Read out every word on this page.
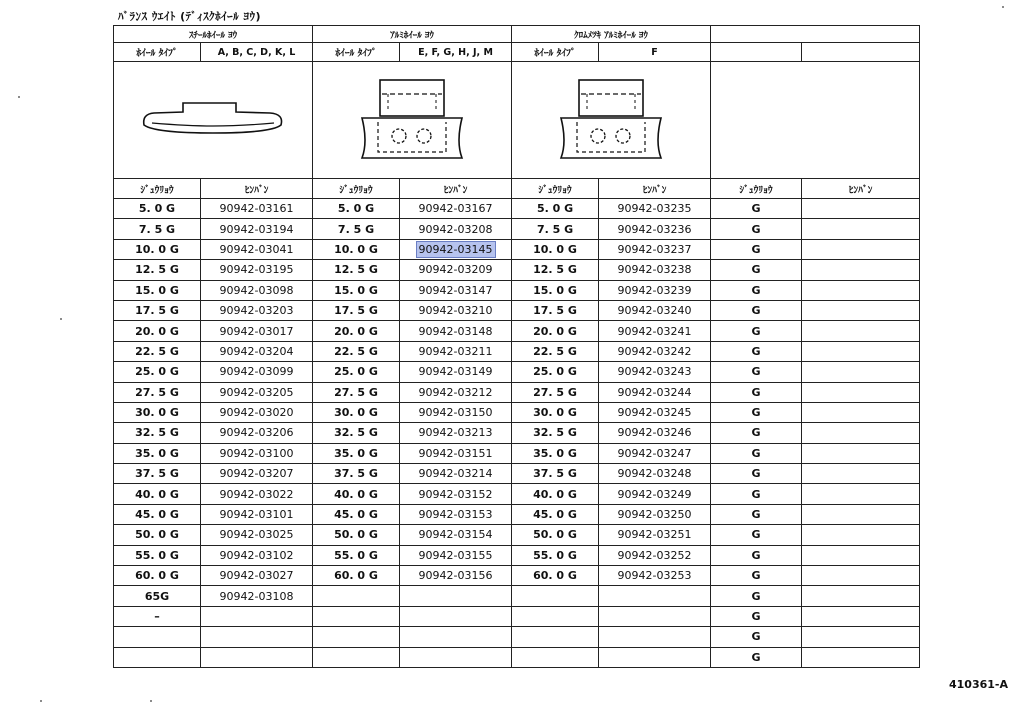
ﾊﾞﾗﾝｽ ｳｴｲﾄ (ﾃﾞｨｽｸﾎｲｰﾙ ﾖｳ)
ｽﾁｰﾙﾎｲｰﾙ ﾖｳ		ｱﾙﾐﾎｲｰﾙ ﾖｳ		ｸﾛﾑﾒﾂｷ ｱﾙﾐﾎｲｰﾙ ﾖｳ			
ﾎｲｰﾙ ﾀｲﾌﾟ	A, B, C, D, K, L	ﾎｲｰﾙ ﾀｲﾌﾟ	E, F, G, H, J, M	ﾎｲｰﾙ ﾀｲﾌﾟ	F		

ｼﾞｭｳﾘｮｳ	ﾋﾝﾊﾞﾝ	ｼﾞｭｳﾘｮｳ	ﾋﾝﾊﾞﾝ	ｼﾞｭｳﾘｮｳ	ﾋﾝﾊﾞﾝ	ｼﾞｭｳﾘｮｳ	ﾋﾝﾊﾞﾝ
5. 0 G	90942-03161	5. 0 G	90942-03167	5. 0 G	90942-03235	G	
7. 5 G	90942-03194	7. 5 G	90942-03208	7. 5 G	90942-03236	G	
10. 0 G	90942-03041	10. 0 G	90942-03145	10. 0 G	90942-03237	G	
12. 5 G	90942-03195	12. 5 G	90942-03209	12. 5 G	90942-03238	G	
15. 0 G	90942-03098	15. 0 G	90942-03147	15. 0 G	90942-03239	G	
17. 5 G	90942-03203	17. 5 G	90942-03210	17. 5 G	90942-03240	G	
20. 0 G	90942-03017	20. 0 G	90942-03148	20. 0 G	90942-03241	G	
22. 5 G	90942-03204	22. 5 G	90942-03211	22. 5 G	90942-03242	G	
25. 0 G	90942-03099	25. 0 G	90942-03149	25. 0 G	90942-03243	G	
27. 5 G	90942-03205	27. 5 G	90942-03212	27. 5 G	90942-03244	G	
30. 0 G	90942-03020	30. 0 G	90942-03150	30. 0 G	90942-03245	G	
32. 5 G	90942-03206	32. 5 G	90942-03213	32. 5 G	90942-03246	G	
35. 0 G	90942-03100	35. 0 G	90942-03151	35. 0 G	90942-03247	G	
37. 5 G	90942-03207	37. 5 G	90942-03214	37. 5 G	90942-03248	G	
40. 0 G	90942-03022	40. 0 G	90942-03152	40. 0 G	90942-03249	G	
45. 0 G	90942-03101	45. 0 G	90942-03153	45. 0 G	90942-03250	G	
50. 0 G	90942-03025	50. 0 G	90942-03154	50. 0 G	90942-03251	G	
55. 0 G	90942-03102	55. 0 G	90942-03155	55. 0 G	90942-03252	G	
60. 0 G	90942-03027	60. 0 G	90942-03156	60. 0 G	90942-03253	G	
65G	90942-03108					G	
–						G	
						G	
						G	
410361-A
